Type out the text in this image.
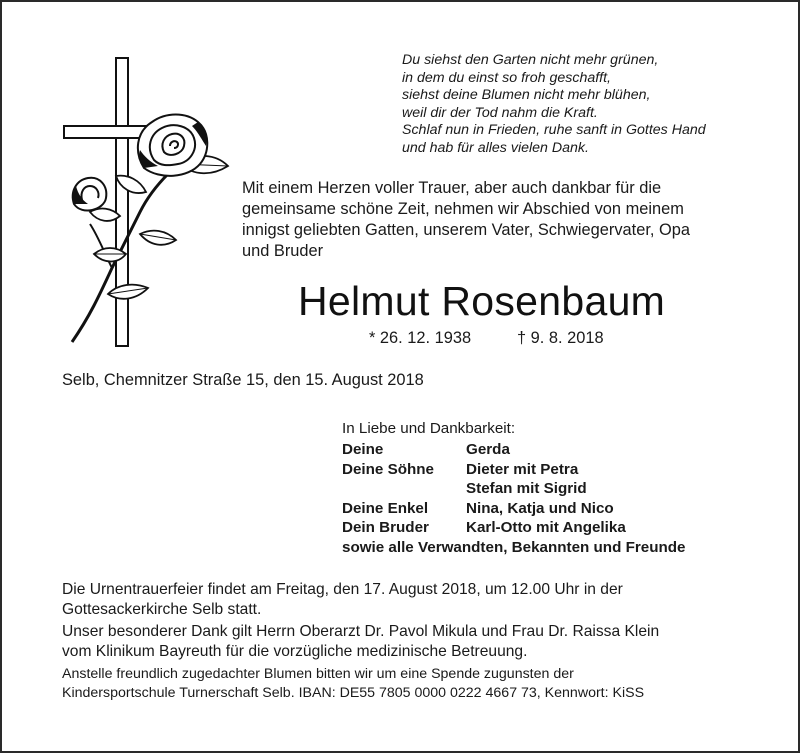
Du siehst den Garten nicht mehr grünen,
in dem du einst so froh geschafft,
siehst deine Blumen nicht mehr blühen,
weil dir der Tod nahm die Kraft.
Schlaf nun in Frieden, ruhe sanft in Gottes Hand
und hab für alles vielen Dank.
Mit einem Herzen voller Trauer, aber auch dankbar für die
gemeinsame schöne Zeit, nehmen wir Abschied von meinem
innigst geliebten Gatten, unserem Vater, Schwiegervater, Opa
und Bruder
Helmut Rosenbaum
* 26. 12. 1938	† 9. 8. 2018
Selb, Chemnitzer Straße 15, den 15. August 2018
In Liebe und Dankbarkeit:
Deine	Gerda
Deine Söhne Dieter mit Petra
Stefan mit Sigrid
Deine Enkel Nina, Katja und Nico
Dein Bruder Karl-Otto mit Angelika
sowie alle Verwandten, Bekannten und Freunde
Die Urnentrauerfeier findet am Freitag, den 17. August 2018, um 12.00 Uhr in der
Gottesackerkirche Selb statt.
Unser besonderer Dank gilt Herrn Oberarzt Dr. Pavol Mikula und Frau Dr. Raissa Klein
vom Klinikum Bayreuth für die vorzügliche medizinische Betreuung.
Anstelle freundlich zugedachter Blumen bitten wir um eine Spende zugunsten der
Kindersportschule Turnerschaft Selb. IBAN: DE55 7805 0000 0222 4667 73, Kennwort: KiSS
